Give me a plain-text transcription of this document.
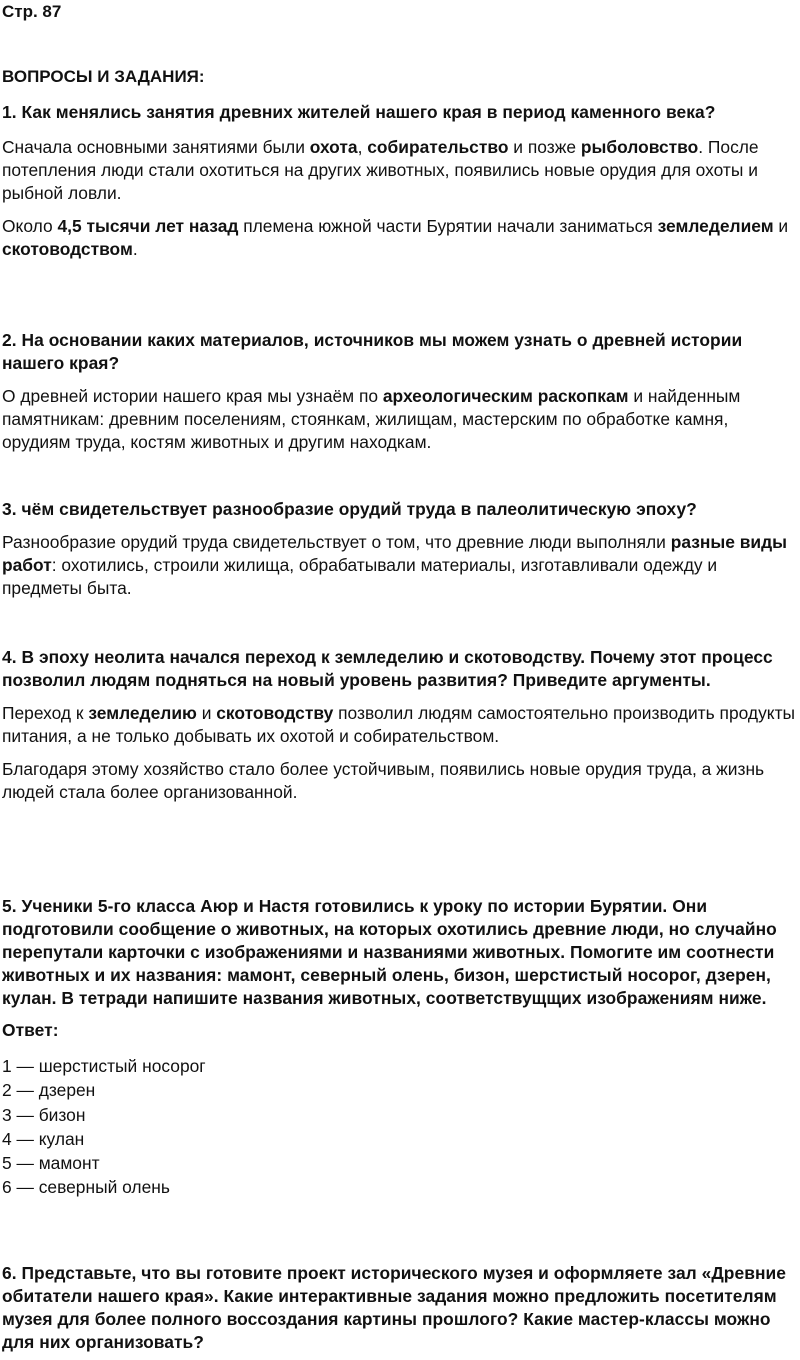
Стр. 87
ВОПРОСЫ И ЗАДАНИЯ:

1. Как менялись занятия древних жителей нашего края в период каменного века?

Сначала основными занятиями были охота, собирательство и позже рыболовство. После потепления люди стали охотиться на других животных, появились новые орудия для охоты и рыбной ловли.

Около 4,5 тысячи лет назад племена южной части Бурятии начали заниматься земледелием и скотоводством.

2. На основании каких материалов, источников мы можем узнать о древней истории нашего края?

О древней истории нашего края мы узнаём по археологическим раскопкам и найденным памятникам: древним поселениям, стоянкам, жилищам, мастерским по обработке камня, орудиям труда, костям животных и другим находкам.

3. чём свидетельствует разнообразие орудий труда в палеолитическую эпоху?

Разнообразие орудий труда свидетельствует о том, что древние люди выполняли разные виды работ: охотились, строили жилища, обрабатывали материалы, изготавливали одежду и предметы быта.

4. В эпоху неолита начался переход к земледелию и скотоводству. Почему этот процесс позволил людям подняться на новый уровень развития? Приведите аргументы.

Переход к земледелию и скотоводству позволил людям самостоятельно производить продукты питания, а не только добывать их охотой и собирательством.

Благодаря этому хозяйство стало более устойчивым, появились новые орудия труда, а жизнь людей стала более организованной.

5. Ученики 5-го класса Аюр и Настя готовились к уроку по истории Бурятии. Они подготовили сообщение о животных, на которых охотились древние люди, но случайно перепутали карточки с изображениями и названиями животных. Помогите им соотнести животных и их названия: мамонт, северный олень, бизон, шерстистый носорог, дзерен, кулан. В тетради напишите названия животных, соответствущщих изображениям ниже.

Ответ:

1 — шерстистый носорог
2 — дзерен
3 — бизон
4 — кулан
5 — мамонт
6 — северный олень

6. Представьте, что вы готовите проект исторического музея и оформляете зал «Древние обитатели нашего края». Какие интерактивные задания можно предложить посетителям музея для более полного воссоздания картины прошлого? Какие мастер-классы можно для них организовать?
